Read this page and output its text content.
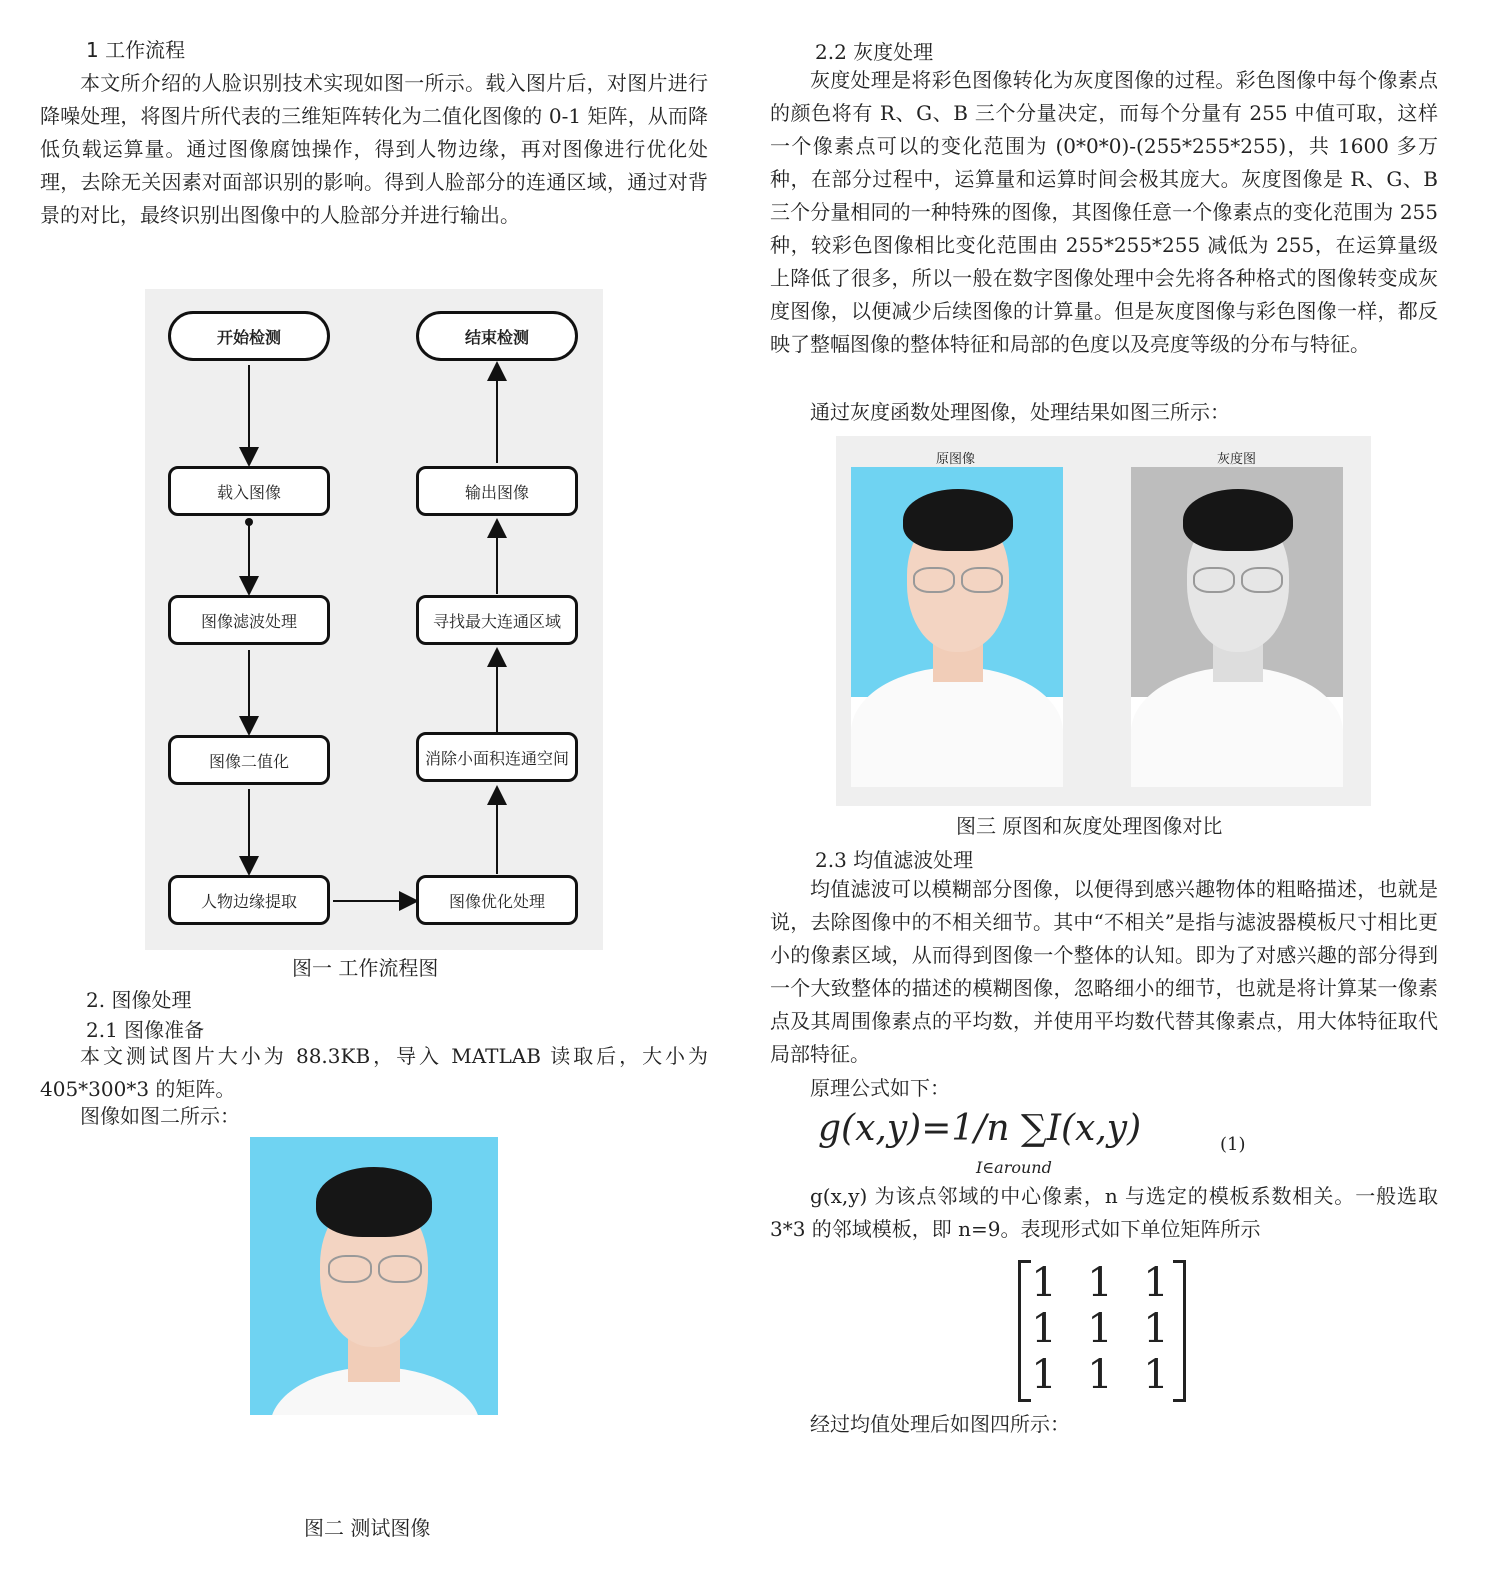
1 工作流程
本文所介绍的人脸识别技术实现如图一所示。载入图片后，对图片进行降噪处理，将图片所代表的三维矩阵转化为二值化图像的 0-1 矩阵，从而降低负载运算量。通过图像腐蚀操作，得到人物边缘，再对图像进行优化处理，去除无关因素对面部识别的影响。得到人脸部分的连通区域，通过对背景的对比，最终识别出图像中的人脸部分并进行输出。
开始检测	结束检测
载入图像
图像滤波处理
图像二值化
人物边缘提取
输出图像
寻找最大连通区域
消除小面积连通空间
图像优化处理
图一 工作流程图
2. 图像处理
2.1 图像准备
本文测试图片大小为 88.3KB，导入 MATLAB 读取后，大小为 405*300*3 的矩阵。
图像如图二所示：
图二 测试图像
2.2 灰度处理
灰度处理是将彩色图像转化为灰度图像的过程。彩色图像中每个像素点的颜色将有 R、G、B 三个分量决定，而每个分量有 255 中值可取，这样一个像素点可以的变化范围为 (0*0*0)-(255*255*255)，共 1600 多万种，在部分过程中，运算量和运算时间会极其庞大。灰度图像是 R、G、B 三个分量相同的一种特殊的图像，其图像任意一个像素点的变化范围为 255 种，较彩色图像相比变化范围由 255*255*255 减低为 255，在运算量级上降低了很多，所以一般在数字图像处理中会先将各种格式的图像转变成灰度图像，以便减少后续图像的计算量。但是灰度图像与彩色图像一样，都反映了整幅图像的整体特征和局部的色度以及亮度等级的分布与特征。
通过灰度函数处理图像，处理结果如图三所示：
原图像	灰度图
图三 原图和灰度处理图像对比
2.3 均值滤波处理
均值滤波可以模糊部分图像，以便得到感兴趣物体的粗略描述，也就是说，去除图像中的不相关细节。其中“不相关”是指与滤波器模板尺寸相比更小的像素区域，从而得到图像一个整体的认知。即为了对感兴趣的部分得到一个大致整体的描述的模糊图像，忽略细小的细节，也就是将计算某一像素点及其周围像素点的平均数，并使用平均数代替其像素点，用大体特征取代局部特征。
原理公式如下：
g(x,y)=1/n ∑I(x,y)
I∈around
(1)
g(x,y) 为该点邻域的中心像素，n 与选定的模板系数相关。一般选取 3*3 的邻域模板，即 n=9。表现形式如下单位矩阵所示
1 1 1
1 1 1
1 1 1
经过均值处理后如图四所示：
